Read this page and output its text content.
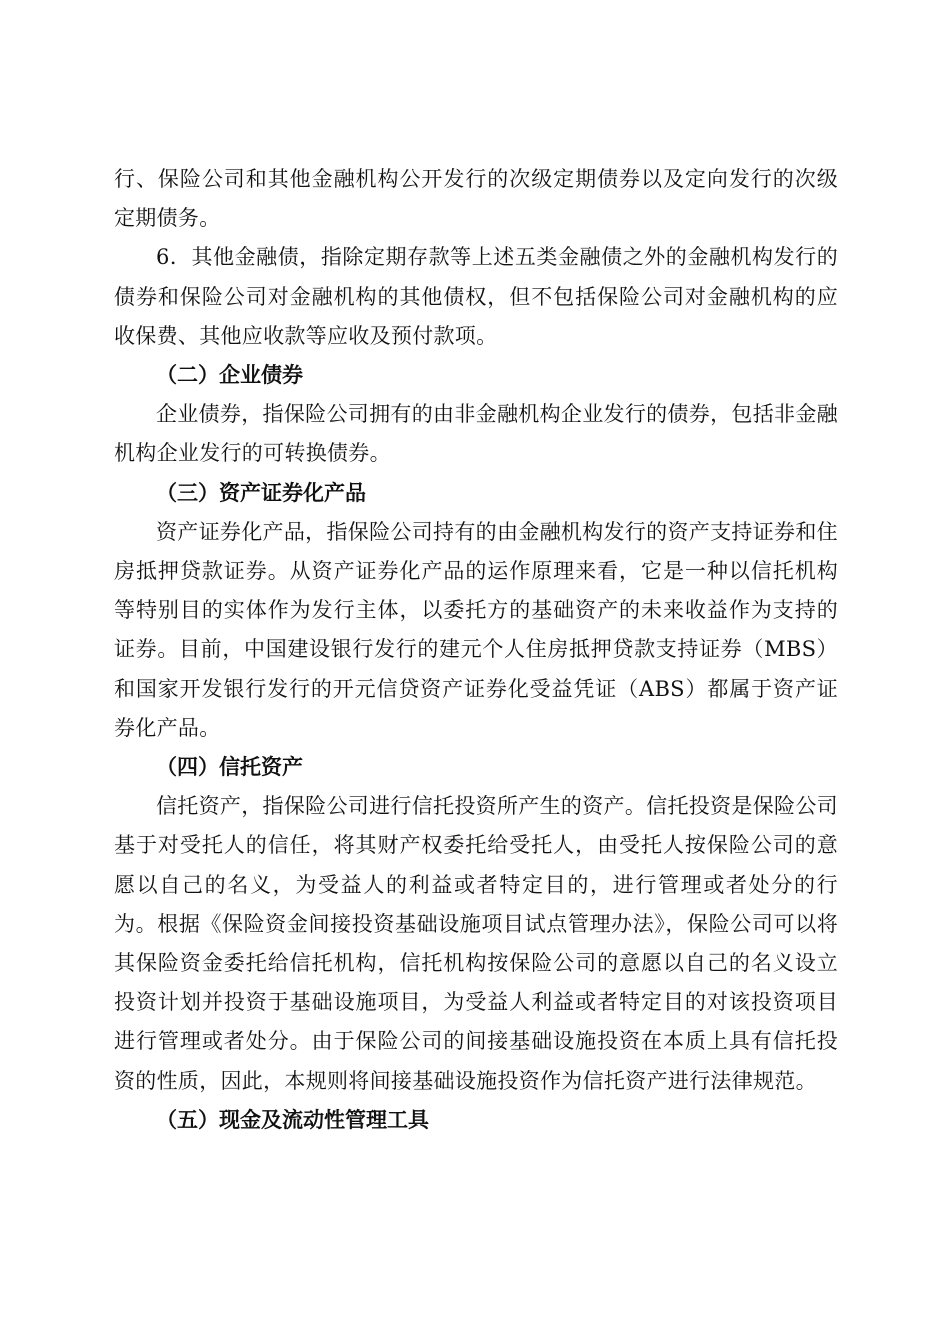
行、保险公司和其他金融机构公开发行的次级定期债券以及定向发行的次级定期债务。

6．其他金融债，指除定期存款等上述五类金融债之外的金融机构发行的债券和保险公司对金融机构的其他债权，但不包括保险公司对金融机构的应收保费、其他应收款等应收及预付款项。

（二）企业债券

企业债券，指保险公司拥有的由非金融机构企业发行的债券，包括非金融机构企业发行的可转换债券。

（三）资产证券化产品

资产证券化产品，指保险公司持有的由金融机构发行的资产支持证券和住房抵押贷款证券。从资产证券化产品的运作原理来看，它是一种以信托机构等特别目的实体作为发行主体，以委托方的基础资产的未来收益作为支持的证券。目前，中国建设银行发行的建元个人住房抵押贷款支持证券（MBS）和国家开发银行发行的开元信贷资产证券化受益凭证（ABS）都属于资产证券化产品。

（四）信托资产

信托资产，指保险公司进行信托投资所产生的资产。信托投资是保险公司基于对受托人的信任，将其财产权委托给受托人，由受托人按保险公司的意愿以自己的名义，为受益人的利益或者特定目的，进行管理或者处分的行为。根据《保险资金间接投资基础设施项目试点管理办法》，保险公司可以将其保险资金委托给信托机构，信托机构按保险公司的意愿以自己的名义设立投资计划并投资于基础设施项目，为受益人利益或者特定目的对该投资项目进行管理或者处分。由于保险公司的间接基础设施投资在本质上具有信托投资的性质，因此，本规则将间接基础设施投资作为信托资产进行法律规范。

（五）现金及流动性管理工具
